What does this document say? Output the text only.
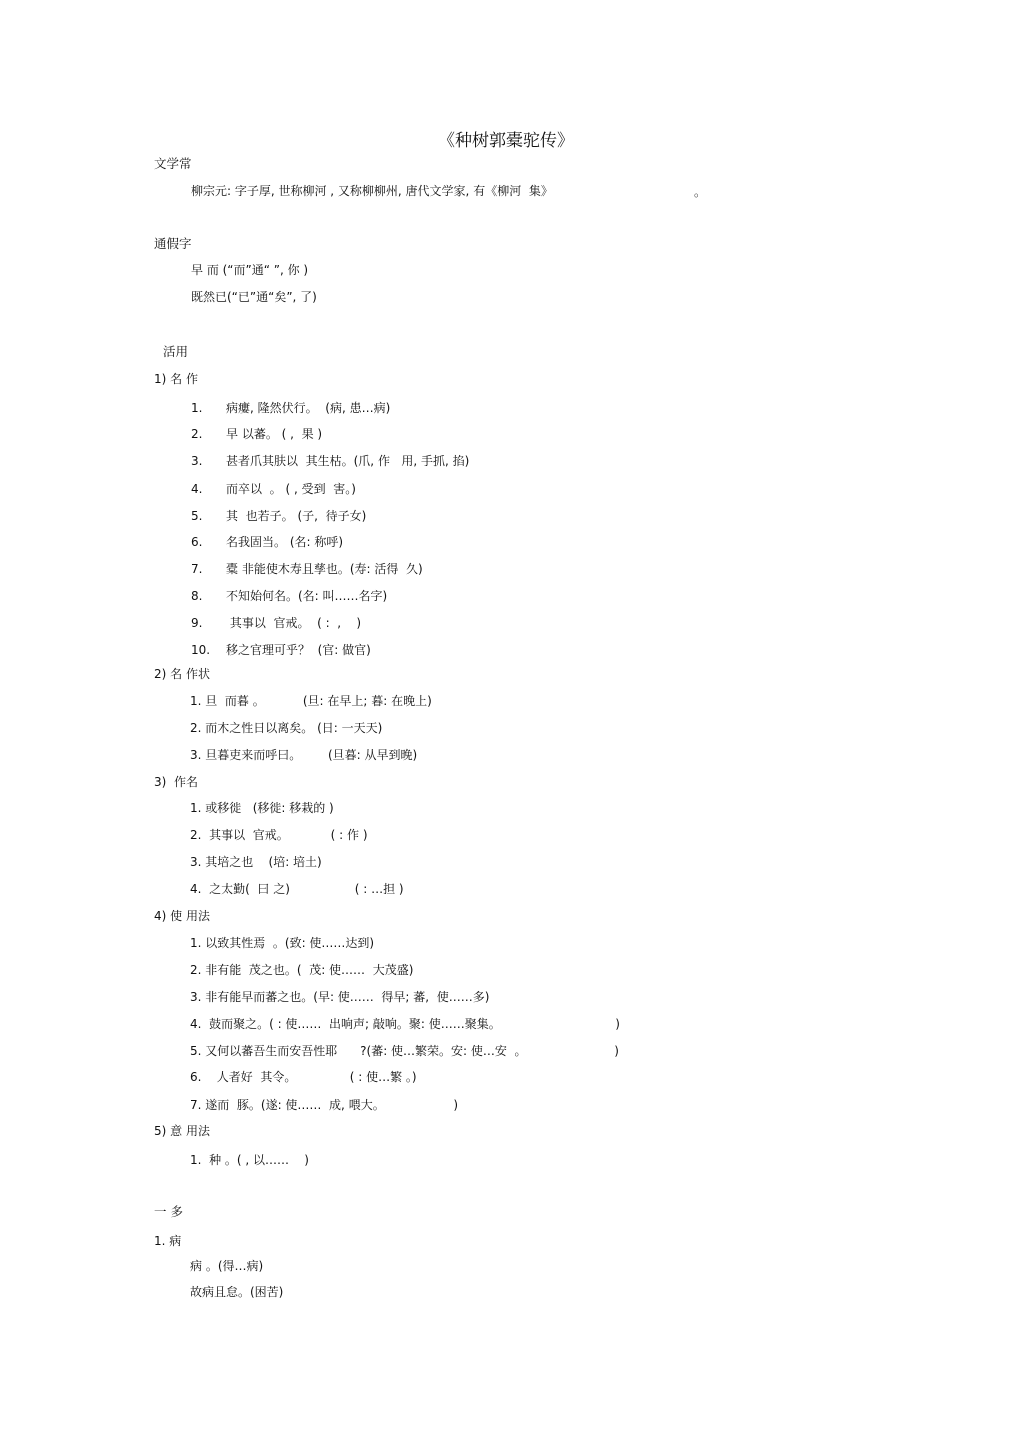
《种树郭橐驼传》
文学常
柳宗元: 字子厚, 世称柳河 , 又称柳柳州, 唐代文学家, 有《柳河  集》	。
通假字
早 而 (“而”通“ ”, 你 )
既然已(“已”通“矣”, 了)
活用
1) 名 作
1. 病瘻, 隆然伏行。  (病, 患…病)
2. 早 以蕃。 ( ,  果 )
3. 甚者爪其肤以  其生枯。(爪, 作   用, 手抓, 掐)
4. 而卒以  。 ( , 受到  害。)
5. 其  也若子。 (子,  待子女)
6. 名我固当。 (名: 称呼)
7. 橐 非能使木寿且孳也。(寿: 活得  久)
8. 不知始何名。(名: 叫……名字)
9. 其事以  官戒。  ( :  ,    )
10. 移之官理可乎？  (官: 做官)
2) 名 作状
1. 旦  而暮 。          (旦: 在早上; 暮: 在晚上)
2. 而木之性日以离矣。 (日: 一天天)
3. 旦暮吏来而呼曰。       (旦暮: 从早到晚)
3)  作名
1. 或移徙   (移徙: 移栽的 )
2.  其事以  官戒。           ( : 作 )
3. 其培之也    (培: 培土)
4.  之太勤(  曰 之)                 ( : …担 )
4) 使 用法
1. 以致其性焉  。(致: 使……达到)
2. 非有能  茂之也。(  茂: 使……  大茂盛)
3. 非有能早而蕃之也。(早: 使……  得早; 蕃,  使……多)
4.  鼓而聚之。( : 使……  出响声; 敲响。聚: 使……聚集。                              )
5. 又何以蕃吾生而安吾性耶      ?(蕃: 使…繁荣。安: 使…安  。                       )
6.    人者好  其令。              ( : 使…繁 。)
7. 遂而  豚。(遂: 使……  成, 喂大。                  )
5) 意 用法
1.  种 。( , 以……    )
一 多
1. 病
病 。(得…病)
故病且怠。(困苦)
